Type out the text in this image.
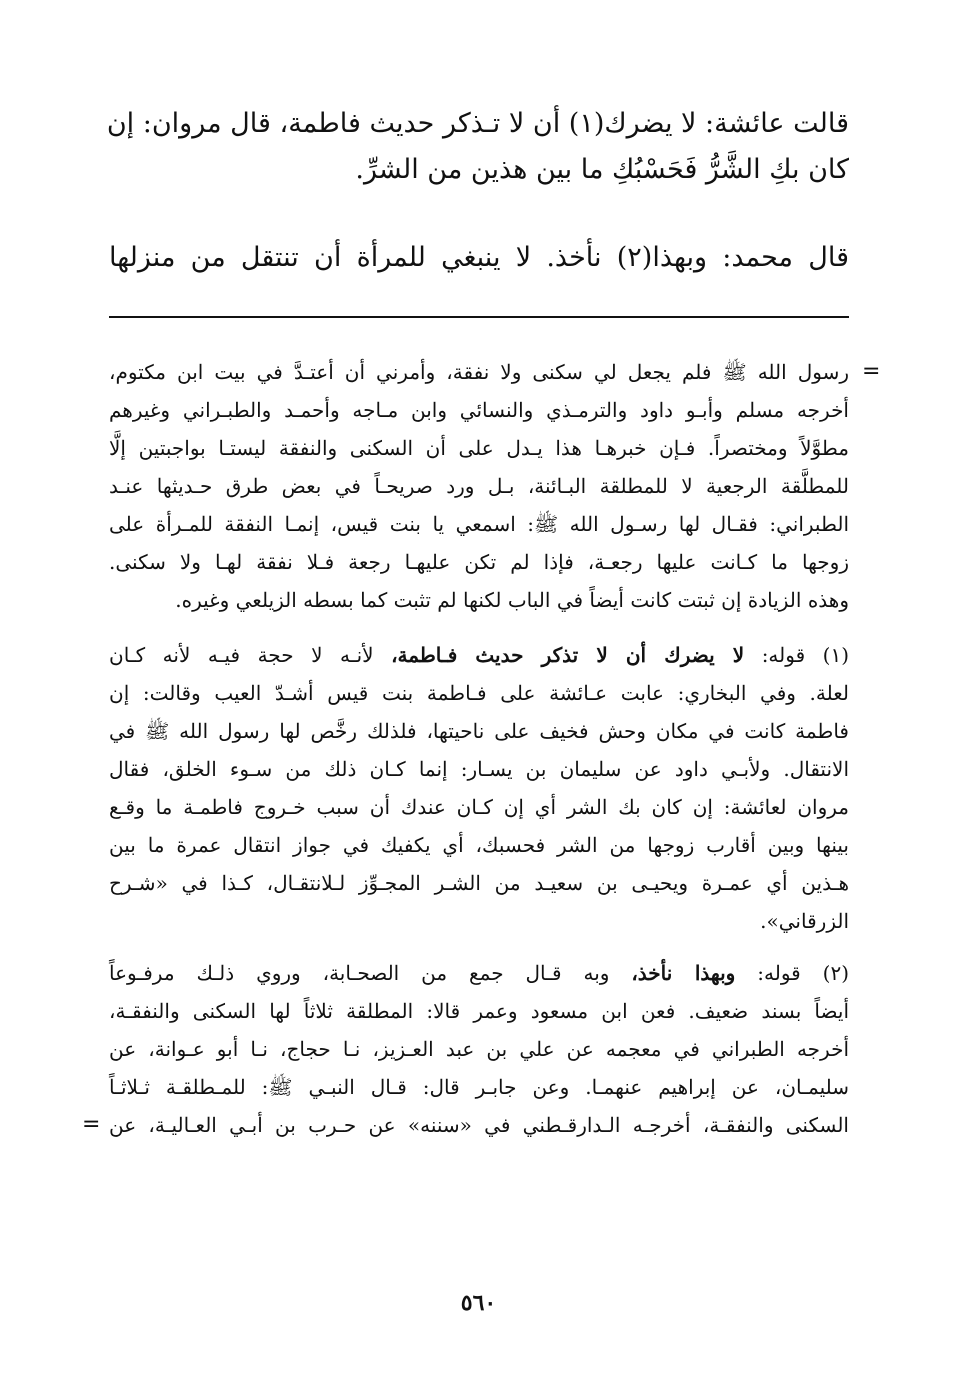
قالت عائشة: لا يضرك(١) أن لا تـذكر حديث فاطمة، قال مروان: إن
كان بكِ الشَّرُّ فَحَسْبُكِ ما بين هذين من الشرِّ.
قال محمد: وبهذا(٢) نأخذ. لا ينبغي للمرأة أن تنتقل من منزلها
=
رسول الله ﷺ فلم يجعل لي سكنى ولا نفقة، وأمرني أن أعتـدَّ في بيت ابن مكتوم،
أخرجه مسلم وأبـو داود والترمـذي والنسائي وابن مـاجه وأحمـد والطبـراني وغيرهم
مطوَّلاً ومختصراً. فـإن خبرهـا هذا يـدل على أن السكنى والنفقة ليستـا بواجبتين إلَّا
للمطلَّقة الرجعية لا للمطلقة البـائنة، بـل ورد صريحـاً في بعض طرق حـديثها عنـد
الطبراني: فقـال لها رسـول الله ﷺ: اسمعي يا بنت قيس، إنمـا النفقة للمـرأة على
زوجها ما كـانت عليها رجعـة، فإذا لم تكن عليهـا رجعة فـلا نفقة لهـا ولا سكنى.
وهذه الزيادة إن ثبتت كانت أيضاً في الباب لكنها لم تثبت كما بسطه الزيلعي وغيره.
(١) قوله: لا يضرك أن لا تذكر حديث فـاطمة، لأنـه لا حجة فيـه لأنه كـان
لعلة. وفي البخاري: عابت عـائشة على فـاطمة بنت قيس أشـدّ العيب وقالت: إن
فاطمة كانت في مكان وحش فخيف على ناحيتها، فلذلك رخَّص لها رسول الله ﷺ في
الانتقال. ولأبـي داود عن سليمان بن يسـار: إنما كـان ذلك من سـوء الخلق، فقال
مروان لعائشة: إن كان بك الشر أي إن كـان عندك أن سبب خـروج فاطمـة ما وقـع
بينها وبين أقارب زوجها من الشر فحسبك، أي يكفيك في جواز انتقال عمرة ما بين
هـذين أي عمـرة ويحيـى بن سعيـد من الشـر المجـوِّز لـلانتقـال، كـذا في «شـرح
الزرقاني».
(٢) قوله: وبهذا نأخذ، وبه قـال جمع من الصحـابة، وروي ذلـك مرفـوعاً
أيضاً بسند ضعيف. فعن ابن مسعود وعمر قالا: المطلقة ثلاثاً لها السكنى والنفقـة،
أخرجه الطبراني في معجمه عن علي بن عبد العـزيز، نـا حجاج، نـا أبو عـوانة، عن
سليمـان، عن إبراهيم عنهمـا. وعن جابـر قال: قـال النبـي ﷺ: للمـطلقـة ثـلاثـاً
السكنى والنفقـة، أخرجـه الـدارقـطني في «سننه» عن حـرب بن أبـي العـاليـة، عن
=
٥٦٠
